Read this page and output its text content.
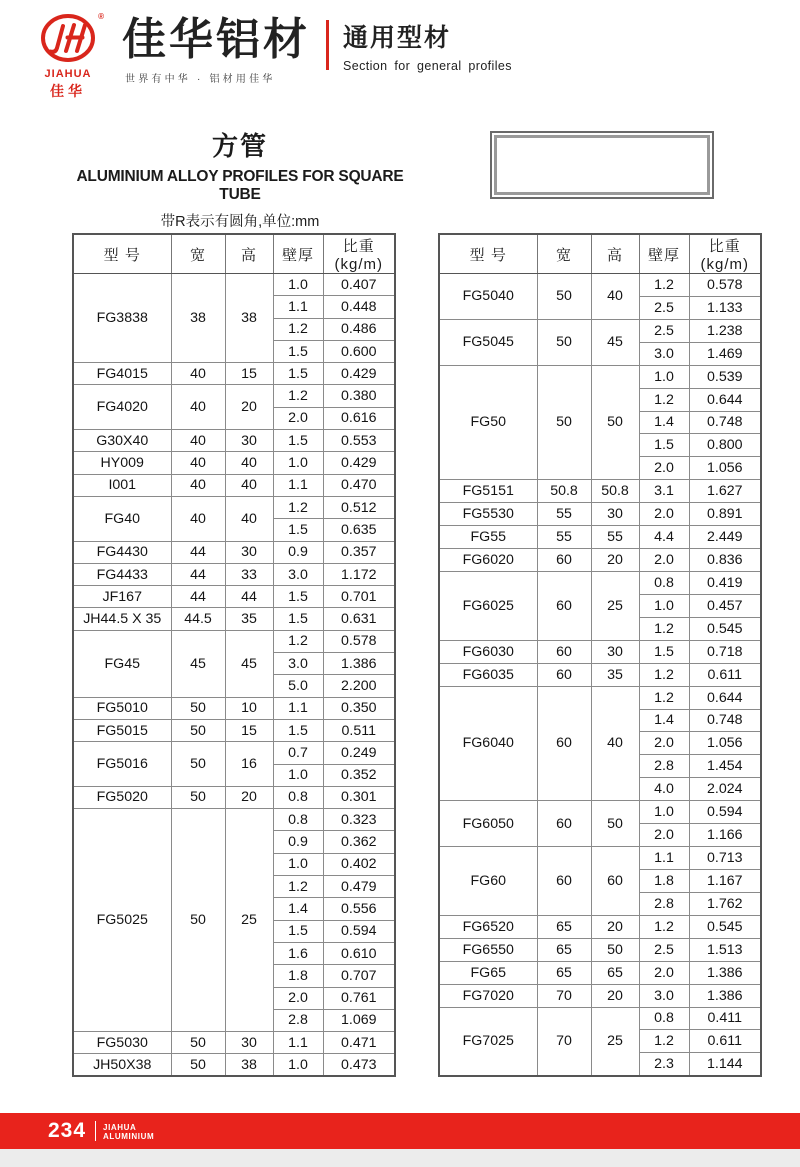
®
JIAHUA
佳华
佳华铝材
世界有中华 · 铝材用佳华
通用型材
Section for general profiles
方管
ALUMINIUM ALLOY PROFILES FOR SQUARE TUBE
带R表示有圆角,单位:mm
型 号	宽	高	壁厚	比重(kg/m)
FG3838	38	38	1.0	0.407
			1.1	0.448
			1.2	0.486
			1.5	0.600
FG4015	40	15	1.5	0.429
FG4020	40	20	1.2	0.380
			2.0	0.616
G30X40	40	30	1.5	0.553
HY009	40	40	1.0	0.429
I001	40	40	1.1	0.470
FG40	40	40	1.2	0.512
			1.5	0.635
FG4430	44	30	0.9	0.357
FG4433	44	33	3.0	1.172
JF167	44	44	1.5	0.701
JH44.5 X 35	44.5	35	1.5	0.631
FG45	45	45	1.2	0.578
			3.0	1.386
			5.0	2.200
FG5010	50	10	1.1	0.350
FG5015	50	15	1.5	0.511
FG5016	50	16	0.7	0.249
			1.0	0.352
FG5020	50	20	0.8	0.301
FG5025	50	25	0.8	0.323
			0.9	0.362
			1.0	0.402
			1.2	0.479
			1.4	0.556
			1.5	0.594
			1.6	0.610
			1.8	0.707
			2.0	0.761
			2.8	1.069
FG5030	50	30	1.1	0.471
JH50X38	50	38	1.0	0.473
型 号	宽	高	壁厚	比重(kg/m)
FG5040	50	40	1.2	0.578
			2.5	1.133
FG5045	50	45	2.5	1.238
			3.0	1.469
FG50	50	50	1.0	0.539
			1.2	0.644
			1.4	0.748
			1.5	0.800
			2.0	1.056
FG5151	50.8	50.8	3.1	1.627
FG5530	55	30	2.0	0.891
FG55	55	55	4.4	2.449
FG6020	60	20	2.0	0.836
FG6025	60	25	0.8	0.419
			1.0	0.457
			1.2	0.545
FG6030	60	30	1.5	0.718
FG6035	60	35	1.2	0.611
FG6040	60	40	1.2	0.644
			1.4	0.748
			2.0	1.056
			2.8	1.454
			4.0	2.024
FG6050	60	50	1.0	0.594
			2.0	1.166
FG60	60	60	1.1	0.713
			1.8	1.167
			2.8	1.762
FG6520	65	20	1.2	0.545
FG6550	65	50	2.5	1.513
FG65	65	65	2.0	1.386
FG7020	70	20	3.0	1.386
FG7025	70	25	0.8	0.411
			1.2	0.611
			2.3	1.144
234 JIAHUA
ALUMINIUM
